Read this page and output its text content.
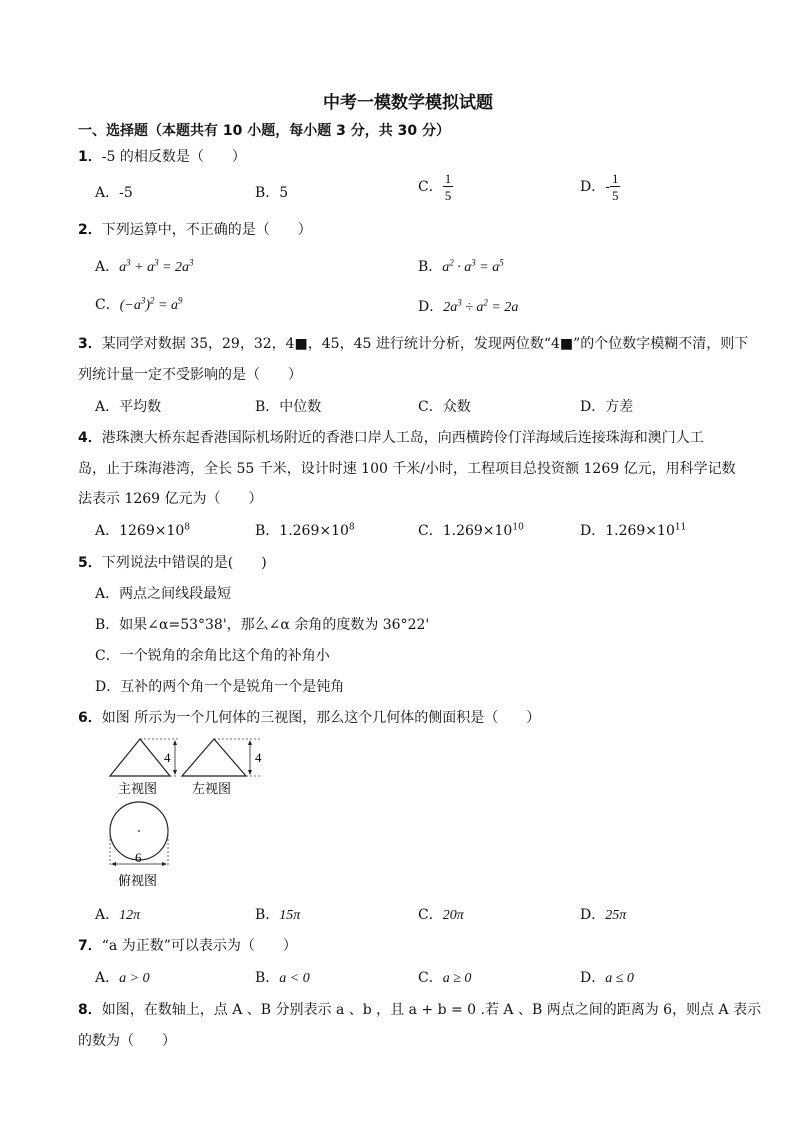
中考一模数学模拟试题
一、选择题（本题共有 10 小题，每小题 3 分，共 30 分）
1．-5 的相反数是（　　）
A．-5	B．5	C． $\frac{1}{5}$	D．- $\frac{1}{5}$
2．下列运算中，不正确的是（　　）
A．$a^3 + a^3 = 2a^3$	B．$a^2 \cdot a^3 = a^5$
C．$(-a^3)^2 = a^9$	D．$2a^3 \div a^2 = 2a$
3．某同学对数据 35，29，32，4■，45，45 进行统计分析，发现两位数“4■”的个位数字模糊不清，则下
列统计量一定不受影响的是（　　）
A．平均数	B．中位数	C．众数	D．方差
4．港珠澳大桥东起香港国际机场附近的香港口岸人工岛，向西横跨伶仃洋海域后连接珠海和澳门人工
岛，止于珠海港湾，全长 55 千米，设计时速 100 千米/小时，工程项目总投资额 1269 亿元，用科学记数
法表示 1269 亿元为（　　）
A．$1269\times 10^8$	B．$1.269\times 10^8$	C．$1.269\times 10^{10}$	D．$1.269\times 10^{11}$
5．下列说法中错误的是(　　)
A．两点之间线段最短
B．如果∠α=53°38'，那么∠α 余角的度数为 36°22'
C．一个锐角的余角比这个角的补角小
D．互补的两个角一个是锐角一个是钝角
6．如图 所示为一个几何体的三视图，那么这个几何体的侧面积是（　　）
4	4
主视图	左视图
6
俯视图
A．12π	B．15π	C．20π	D．25π
7．“a 为正数”可以表示为（　　）
A．a > 0	B．a < 0	C．a ≥ 0	D．a ≤ 0
8．如图，在数轴上，点 A 、B 分别表示 a 、b ，且 a + b = 0 .若 A 、B 两点之间的距离为 6，则点 A 表示
的数为（　　）
